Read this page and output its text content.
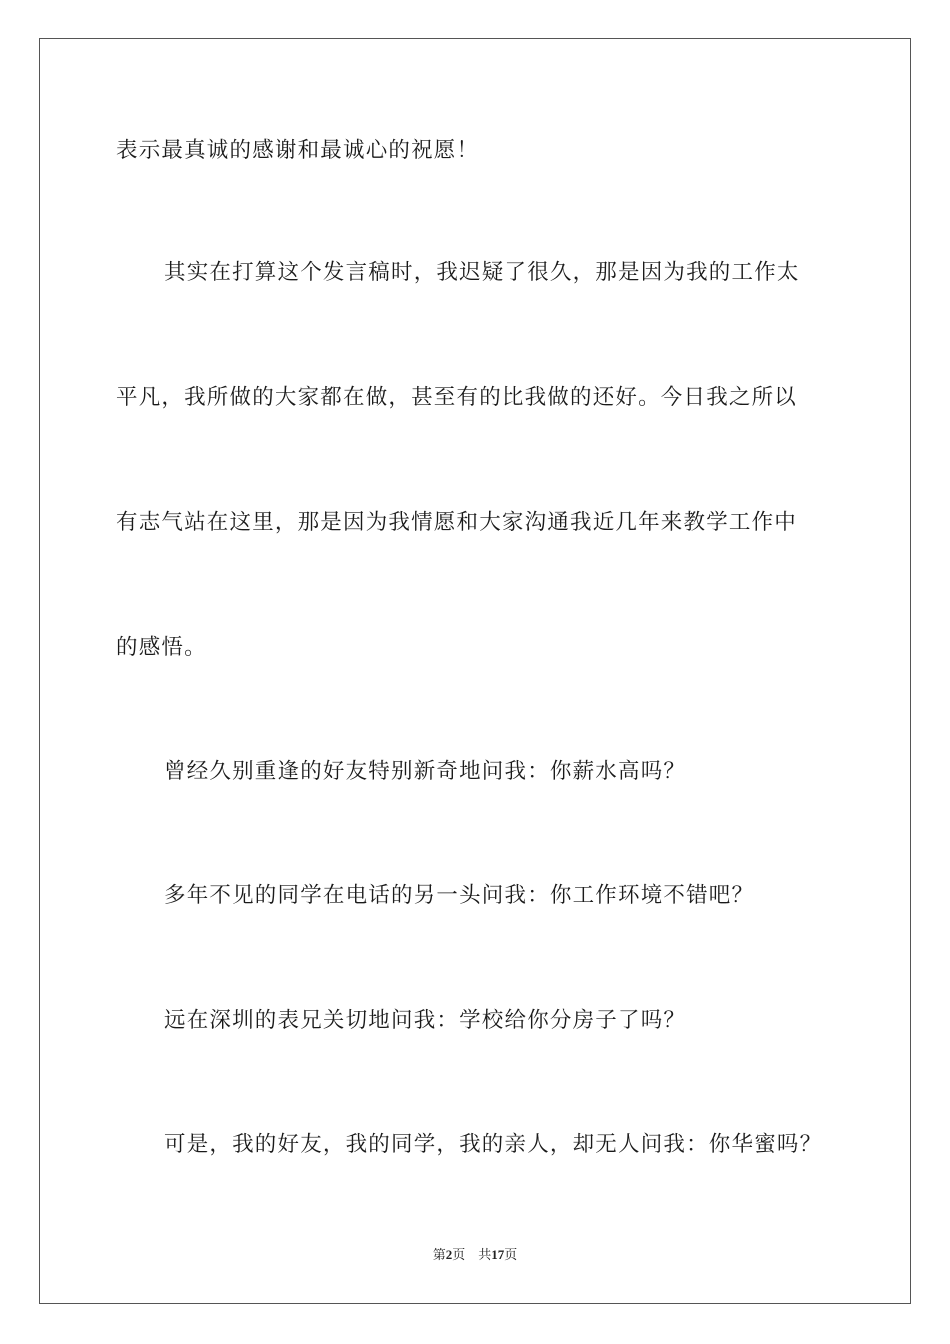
表示最真诚的感谢和最诚心的祝愿！
其实在打算这个发言稿时，我迟疑了很久，那是因为我的工作太
平凡，我所做的大家都在做，甚至有的比我做的还好。今日我之所以
有志气站在这里，那是因为我情愿和大家沟通我近几年来教学工作中
的感悟。
曾经久别重逢的好友特别新奇地问我：你薪水高吗？
多年不见的同学在电话的另一头问我：你工作环境不错吧？
远在深圳的表兄关切地问我：学校给你分房子了吗？
可是，我的好友，我的同学，我的亲人，却无人问我：你华蜜吗？
第2页 共17页
